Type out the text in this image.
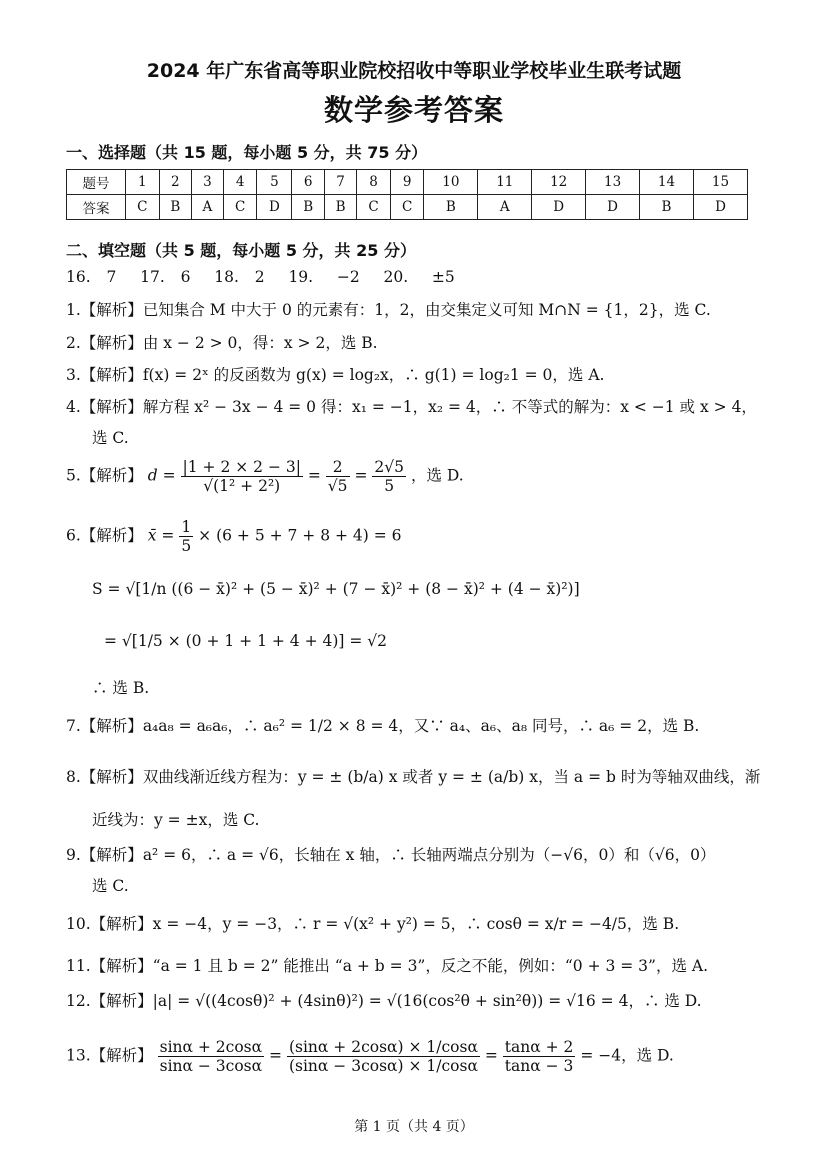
2024 年广东省高等职业院校招收中等职业学校毕业生联考试题
数学参考答案
一、选择题（共 15 题，每小题 5 分，共 75 分）
题号	1	2	3	4	5	6	7	8	9	10	11	12	13	14	15
答案	C	B	A	C	D	B	B	C	C	B	A	D	D	B	D
二、填空题（共 5 题，每小题 5 分，共 25 分）
16.  7   17.  6   18.  2   19.   −2   20.   ±5
1.【解析】已知集合 M 中大于 0 的元素有：1，2，由交集定义可知 M∩N = {1，2}，选 C.
2.【解析】由 x − 2 > 0，得：x > 2，选 B.
3.【解析】f(x) = 2ˣ 的反函数为 g(x) = log₂x，∴ g(1) = log₂1 = 0，选 A.
4.【解析】解方程 x² − 3x − 4 = 0 得：x₁ = −1，x₂ = 4，∴ 不等式的解为：x < −1 或 x > 4，
选 C.
5.【解析】 $d = \frac{|1 + 2 \times 2 - 3|}{\text{√(1² + 2²)}} = \frac{2}{√5} = \frac{2√5}{5}$ ，选 D.
6.【解析】 x̄ = $\frac{1}{5} \times (6 + 5 + 7 + 8 + 4) = 6$
S = √[1/n ((6 − x̄)² + (5 − x̄)² + (7 − x̄)² + (8 − x̄)² + (4 − x̄)²)]
= √[1/5 × (0 + 1 + 1 + 4 + 4)] = √2
∴ 选 B.
7.【解析】a₄a₈ = a₆a₆，∴ a₆² = 1/2 × 8 = 4，又∵ a₄、a₆、a₈ 同号，∴ a₆ = 2，选 B.
8.【解析】双曲线渐近线方程为：y = ± (b/a) x 或者 y = ± (a/b) x，当 a = b 时为等轴双曲线，渐
近线为：y = ±x，选 C.
9.【解析】a² = 6，∴ a = √6，长轴在 x 轴，∴ 长轴两端点分别为（−√6，0）和（√6，0）
选 C.
10.【解析】x = −4，y = −3，∴ r = √(x² + y²) = 5，∴ cosθ = x/r = −4/5，选 B.
11.【解析】“a = 1 且 b = 2” 能推出 “a + b = 3”，反之不能，例如：“0 + 3 = 3”，选 A.
12.【解析】|a| = √((4cosθ)² + (4sinθ)²) = √(16(cos²θ + sin²θ)) = √16 = 4，∴ 选 D.
13.【解析】 $\frac{\sin\alpha + 2\cos\alpha}{\sin\alpha - 3\cos\alpha} = \frac{(\sin\alpha + 2\cos\alpha) \times 1/\cos\alpha}{(\sin\alpha - 3\cos\alpha) \times 1/\cos\alpha} = \frac{\tan\alpha + 2}{\tan\alpha - 3} = -4$，选 D.
第 1 页（共 4 页）
